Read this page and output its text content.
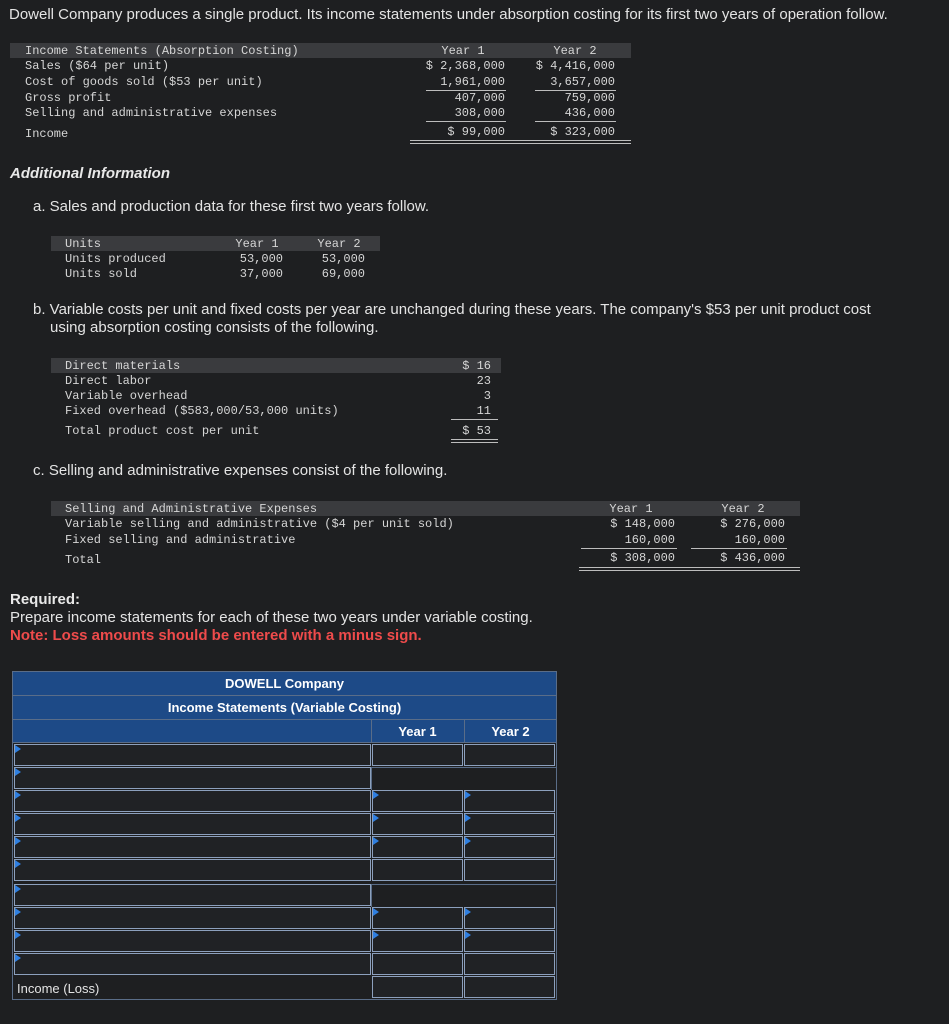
Dowell Company produces a single product. Its income statements under absorption costing for its first two years of operation follow.
Income Statements (Absorption Costing)	Year 1	Year 2
Sales ($64 per unit)	$ 2,368,000	$ 4,416,000
Cost of goods sold ($53 per unit)	1,961,000	3,657,000
Gross profit	407,000	759,000
Selling and administrative expenses	308,000	436,000
Income	$ 99,000	$ 323,000
Additional Information
a. Sales and production data for these first two years follow.
Units	Year 1	Year 2
Units produced	53,000	53,000
Units sold	37,000	69,000
b. Variable costs per unit and fixed costs per year are unchanged during these years. The company's $53 per unit product cost
using absorption costing consists of the following.
Direct materials	$ 16
Direct labor	23
Variable overhead	3
Fixed overhead ($583,000/53,000 units)	11
Total product cost per unit	$ 53
c. Selling and administrative expenses consist of the following.
Selling and Administrative Expenses	Year 1	Year 2
Variable selling and administrative ($4 per unit sold)	$ 148,000	$ 276,000
Fixed selling and administrative	160,000	160,000
Total	$ 308,000	$ 436,000
Required:
Prepare income statements for each of these two years under variable costing.
Note: Loss amounts should be entered with a minus sign.
DOWELL Company
Income Statements (Variable Costing)
Year 1	Year 2
Income (Loss)
